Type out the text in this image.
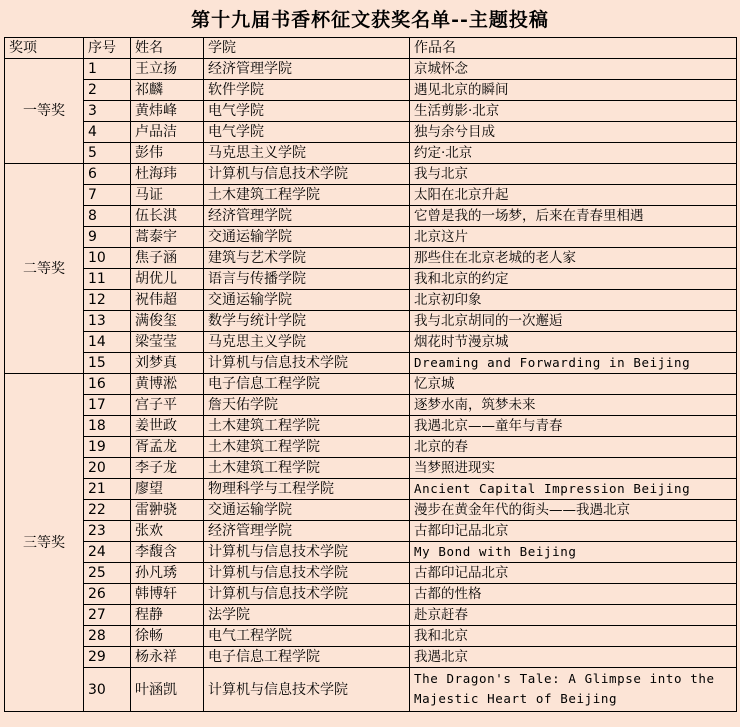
第十九届书香杯征文获奖名单--主题投稿
奖项	序号	姓名	学院	作品名
一等奖	1	王立扬	经济管理学院	京城怀念
	2	祁麟	软件学院	遇见北京的瞬间
	3	黄炜峰	电气学院	生活剪影·北京
	4	卢品洁	电气学院	独与余兮目成
	5	彭伟	马克思主义学院	约定·北京
二等奖	6	杜海玮	计算机与信息技术学院	我与北京
	7	马证	土木建筑工程学院	太阳在北京升起
	8	伍长淇	经济管理学院	它曾是我的一场梦，后来在青春里相遇
	9	蒿泰宇	交通运输学院	北京这片
	10	焦子涵	建筑与艺术学院	那些住在北京老城的老人家
	11	胡优儿	语言与传播学院	我和北京的约定
	12	祝伟超	交通运输学院	北京初印象
	13	满俊玺	数学与统计学院	我与北京胡同的一次邂逅
	14	梁莹莹	马克思主义学院	烟花时节漫京城
	15	刘梦真	计算机与信息技术学院	Dreaming and Forwarding in Beijing
三等奖	16	黄博淞	电子信息工程学院	忆京城
	17	宫子平	詹天佑学院	逐梦水南，筑梦未来
	18	姜世政	土木建筑工程学院	我遇北京——童年与青春
	19	胥孟龙	土木建筑工程学院	北京的春
	20	李子龙	土木建筑工程学院	当梦照进现实
	21	廖望	物理科学与工程学院	Ancient Capital Impression Beijing
	22	雷翀骁	交通运输学院	漫步在黄金年代的街头——我遇北京
	23	张欢	经济管理学院	古都印记品北京
	24	李馥含	计算机与信息技术学院	My Bond with Beijing
	25	孙凡琇	计算机与信息技术学院	古都印记品北京
	26	韩博轩	计算机与信息技术学院	古都的性格
	27	程静	法学院	赴京赶春
	28	徐畅	电气工程学院	我和北京
	29	杨永祥	电子信息工程学院	我遇北京
	30	叶涵凯	计算机与信息技术学院	The Dragon's Tale: A Glimpse into the Majestic Heart of Beijing
